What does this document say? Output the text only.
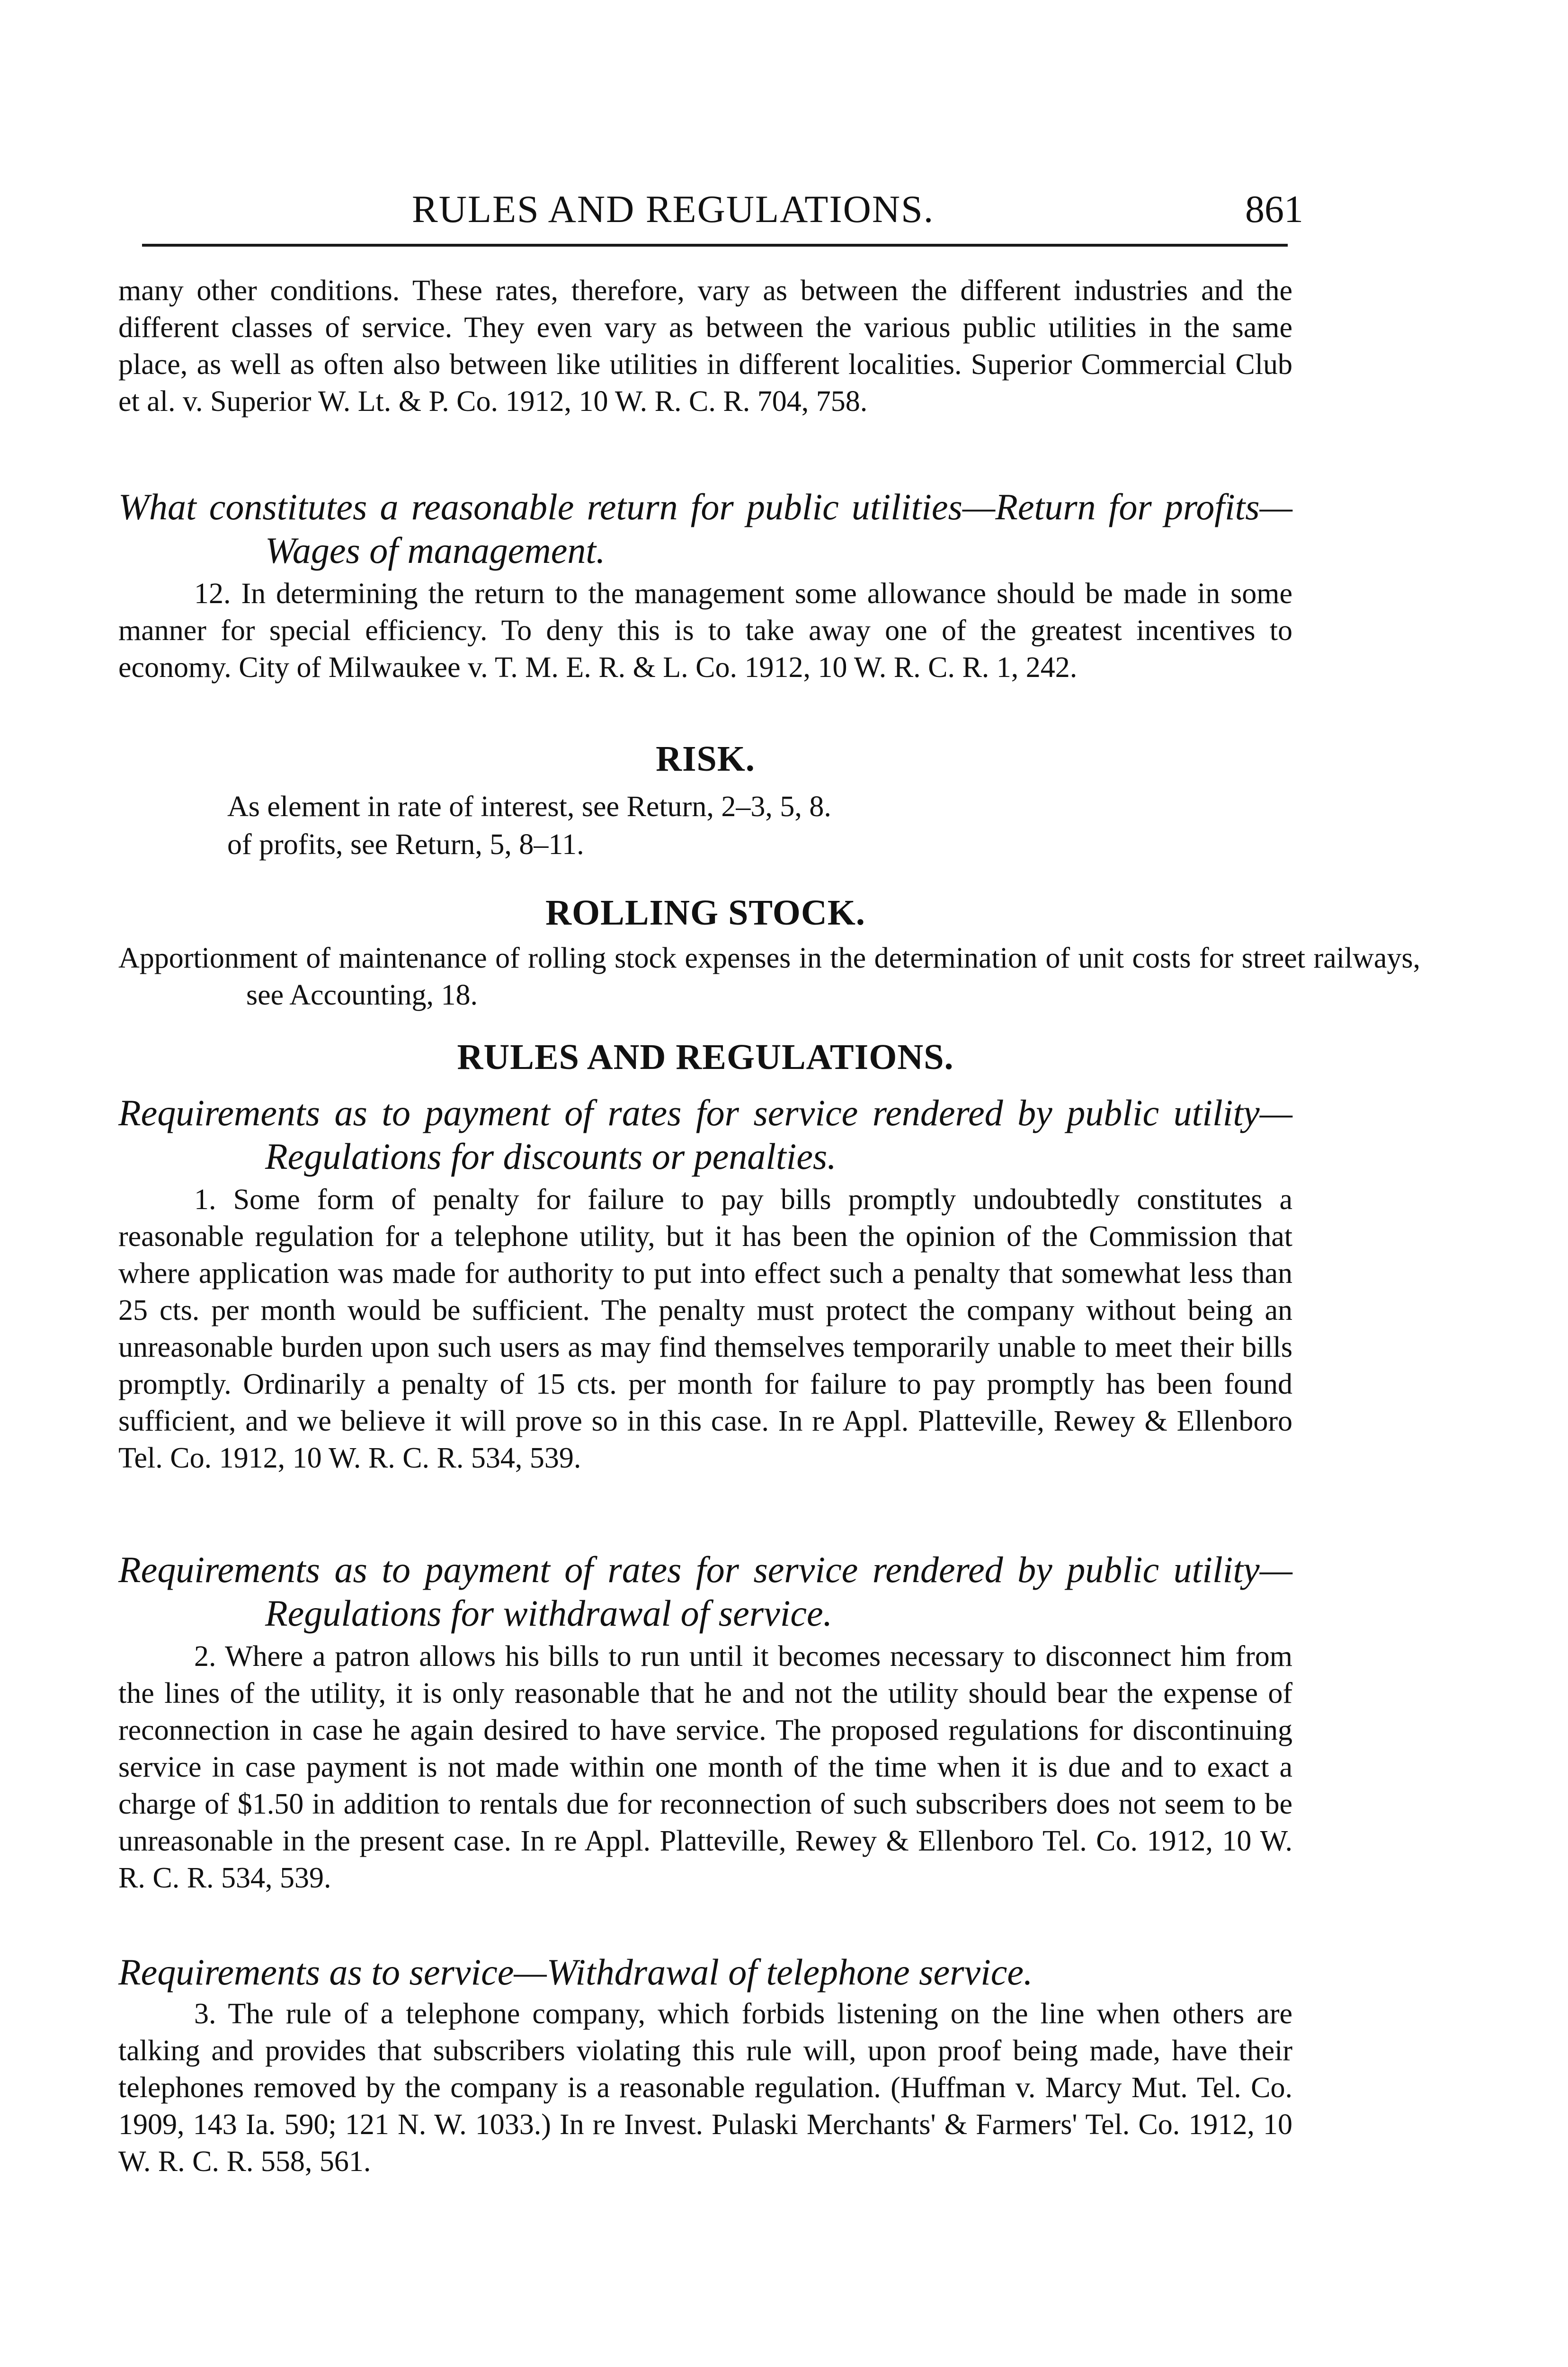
RULES AND REGULATIONS.	861

many other conditions. These rates, therefore, vary as between the different industries and the different classes of service. They even vary as between the various public utilities in the same place, as well as often also between like utilities in different localities. Superior Commercial Club et al. v. Superior W. Lt. & P. Co. 1912, 10 W. R. C. R. 704, 758.

What constitutes a reasonable return for public utilities—Return for profits—Wages of management.

12. In determining the return to the management some allowance should be made in some manner for special efficiency. To deny this is to take away one of the greatest incentives to economy. City of Milwaukee v. T. M. E. R. & L. Co. 1912, 10 W. R. C. R. 1, 242.

RISK.

As element in rate of interest, see Return, 2–3, 5, 8.

of profits, see Return, 5, 8–11.

ROLLING STOCK.

Apportionment of maintenance of rolling stock expenses in the determination of unit costs for street railways, see Accounting, 18.

RULES AND REGULATIONS.

Requirements as to payment of rates for service rendered by public utility—Regulations for discounts or penalties.

1. Some form of penalty for failure to pay bills promptly undoubtedly constitutes a reasonable regulation for a telephone utility, but it has been the opinion of the Commission that where application was made for authority to put into effect such a penalty that somewhat less than 25 cts. per month would be sufficient. The penalty must protect the company without being an unreasonable burden upon such users as may find themselves temporarily unable to meet their bills promptly. Ordinarily a penalty of 15 cts. per month for failure to pay promptly has been found sufficient, and we believe it will prove so in this case. In re Appl. Platteville, Rewey & Ellenboro Tel. Co. 1912, 10 W. R. C. R. 534, 539.

Requirements as to payment of rates for service rendered by public utility—Regulations for withdrawal of service.

2. Where a patron allows his bills to run until it becomes necessary to disconnect him from the lines of the utility, it is only reasonable that he and not the utility should bear the expense of reconnection in case he again desired to have service. The proposed regulations for discontinuing service in case payment is not made within one month of the time when it is due and to exact a charge of $1.50 in addition to rentals due for reconnection of such subscribers does not seem to be unreasonable in the present case. In re Appl. Platteville, Rewey & Ellenboro Tel. Co. 1912, 10 W. R. C. R. 534, 539.

Requirements as to service—Withdrawal of telephone service.

3. The rule of a telephone company, which forbids listening on the line when others are talking and provides that subscribers violating this rule will, upon proof being made, have their telephones removed by the company is a reasonable regulation. (Huffman v. Marcy Mut. Tel. Co. 1909, 143 Ia. 590; 121 N. W. 1033.) In re Invest. Pulaski Merchants' & Farmers' Tel. Co. 1912, 10 W. R. C. R. 558, 561.
